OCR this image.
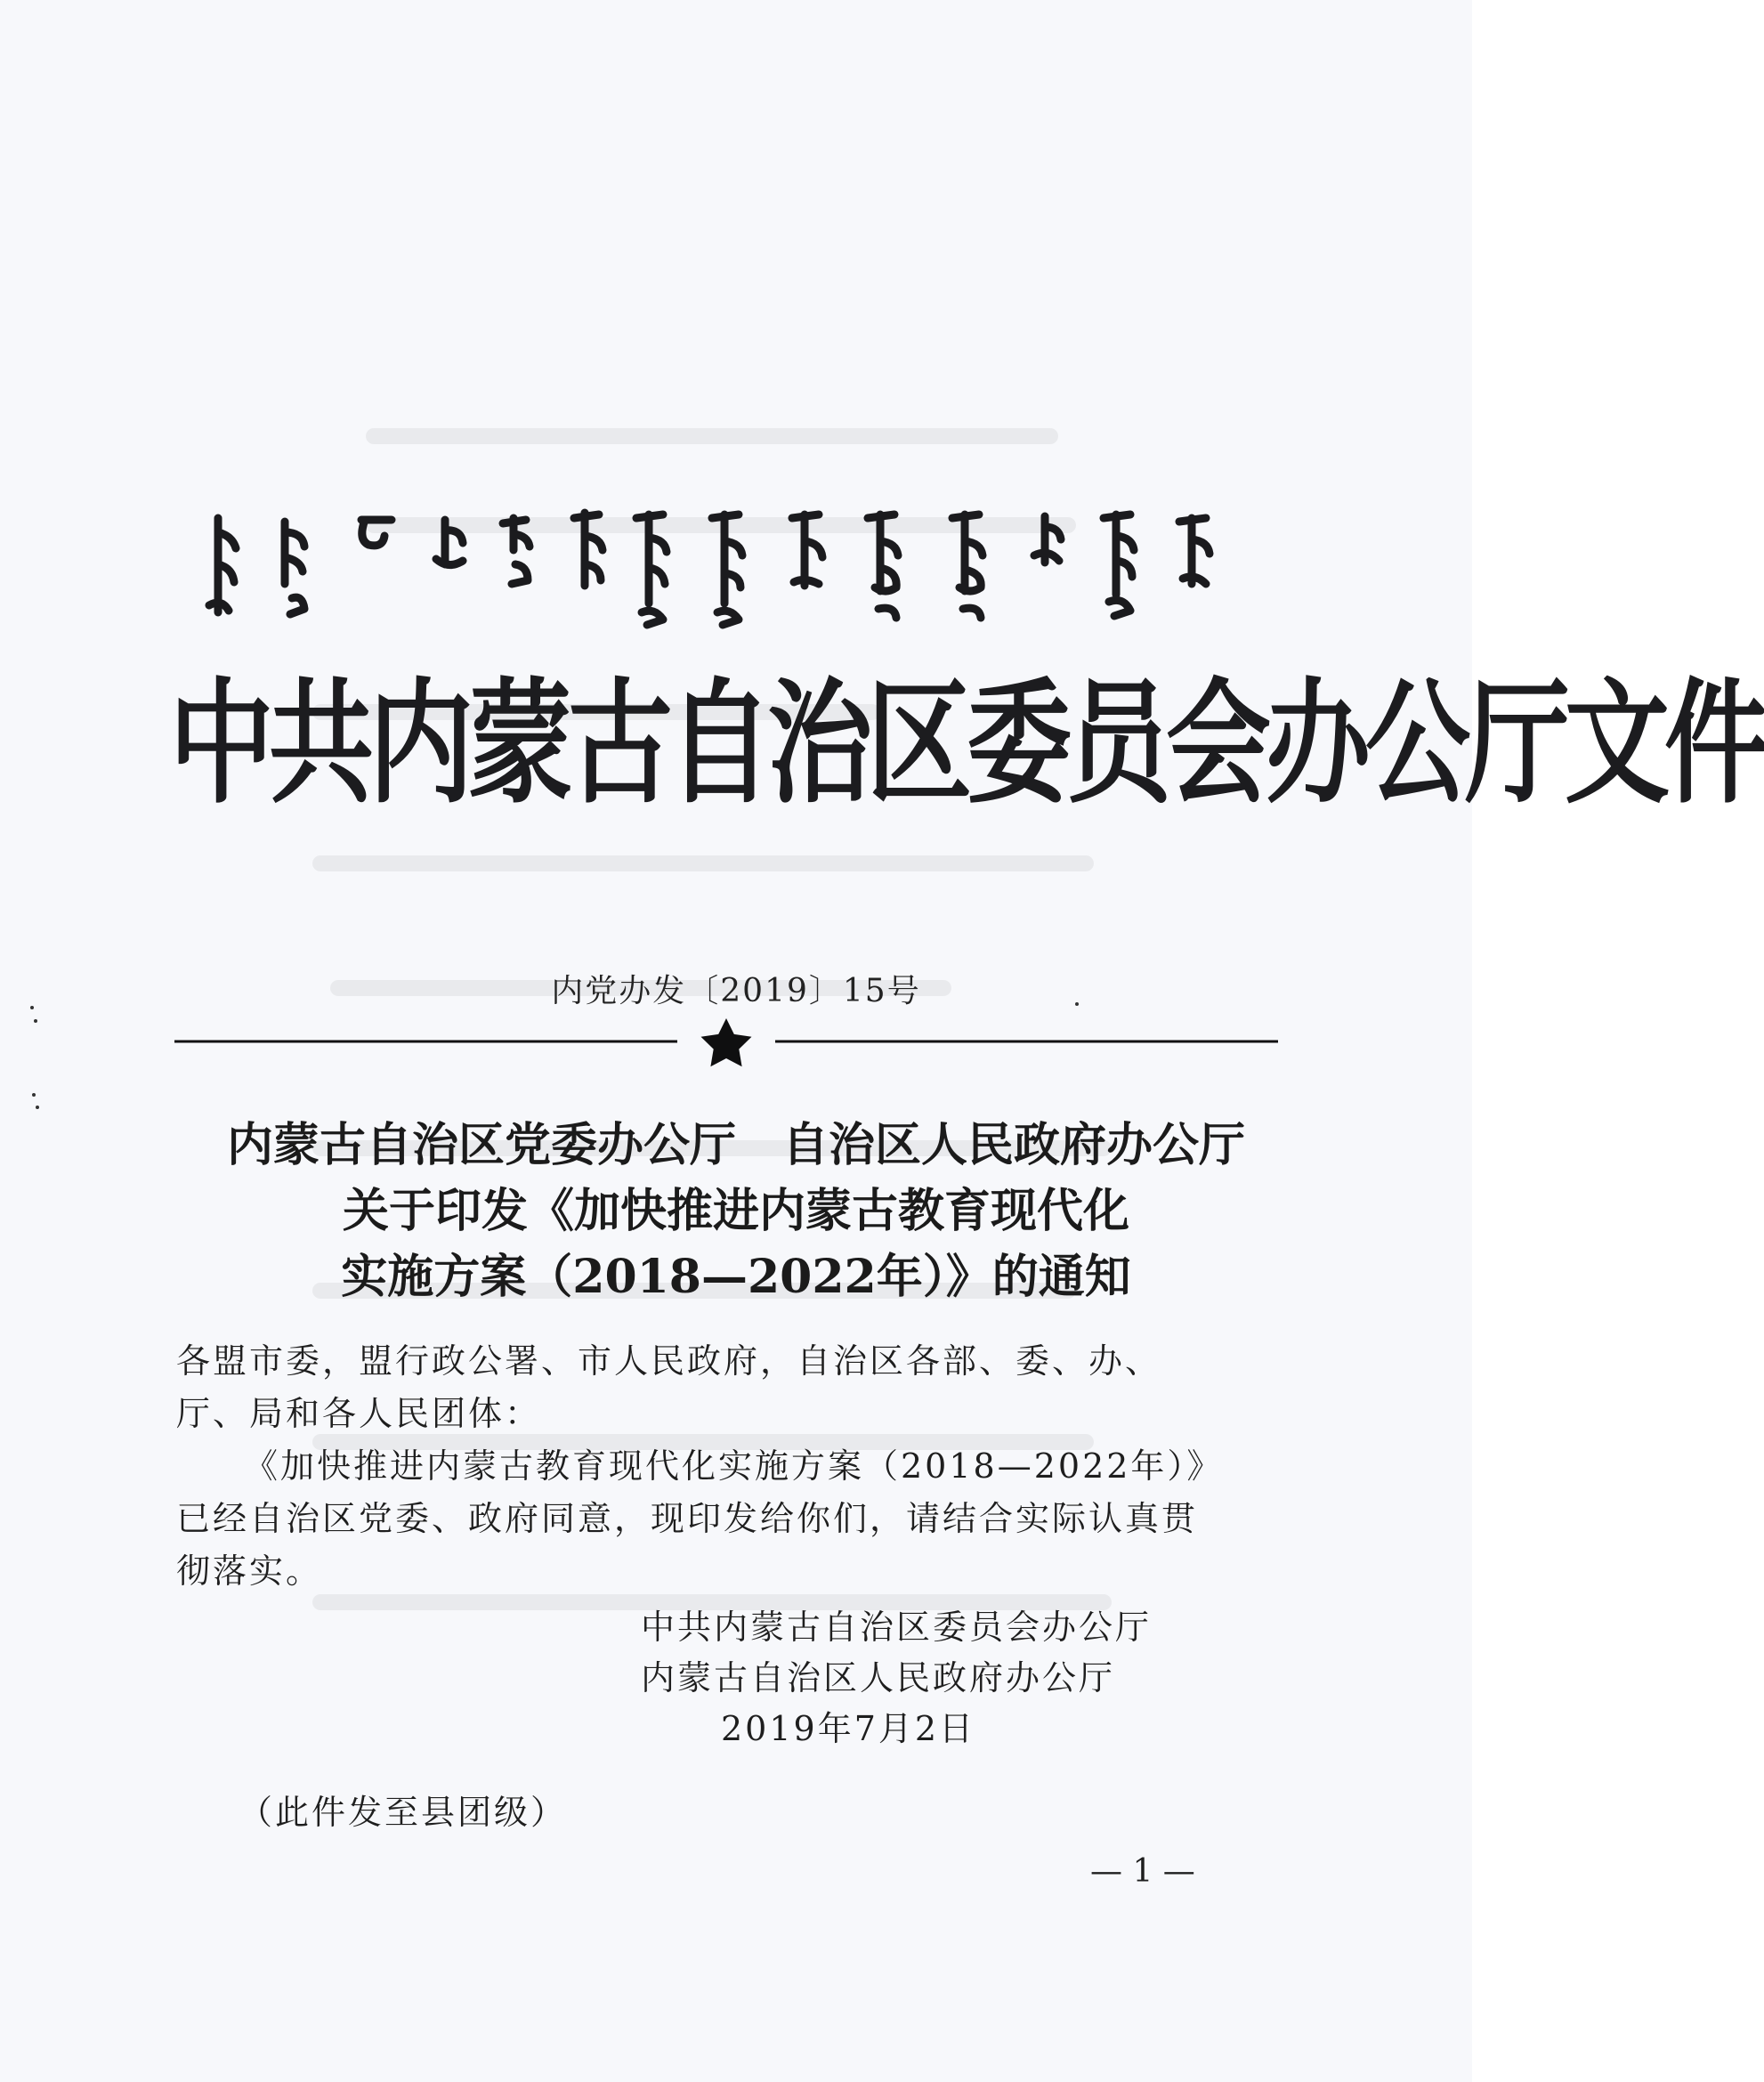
中共内蒙古自治区委员会办公厅文件
内党办发〔2019〕15号
内蒙古自治区党委办公厅　自治区人民政府办公厅
关于印发《加快推进内蒙古教育现代化
实施方案（2018—2022年）》的通知

各盟市委，盟行政公署、市人民政府，自治区各部、委、办、

厅、局和各人民团体：

《加快推进内蒙古教育现代化实施方案（2018—2022年）》

已经自治区党委、政府同意，现印发给你们，请结合实际认真贯

彻落实。

中共内蒙古自治区委员会办公厅
内蒙古自治区人民政府办公厅
2019年7月2日
（此件发至县团级）
— 1 —
